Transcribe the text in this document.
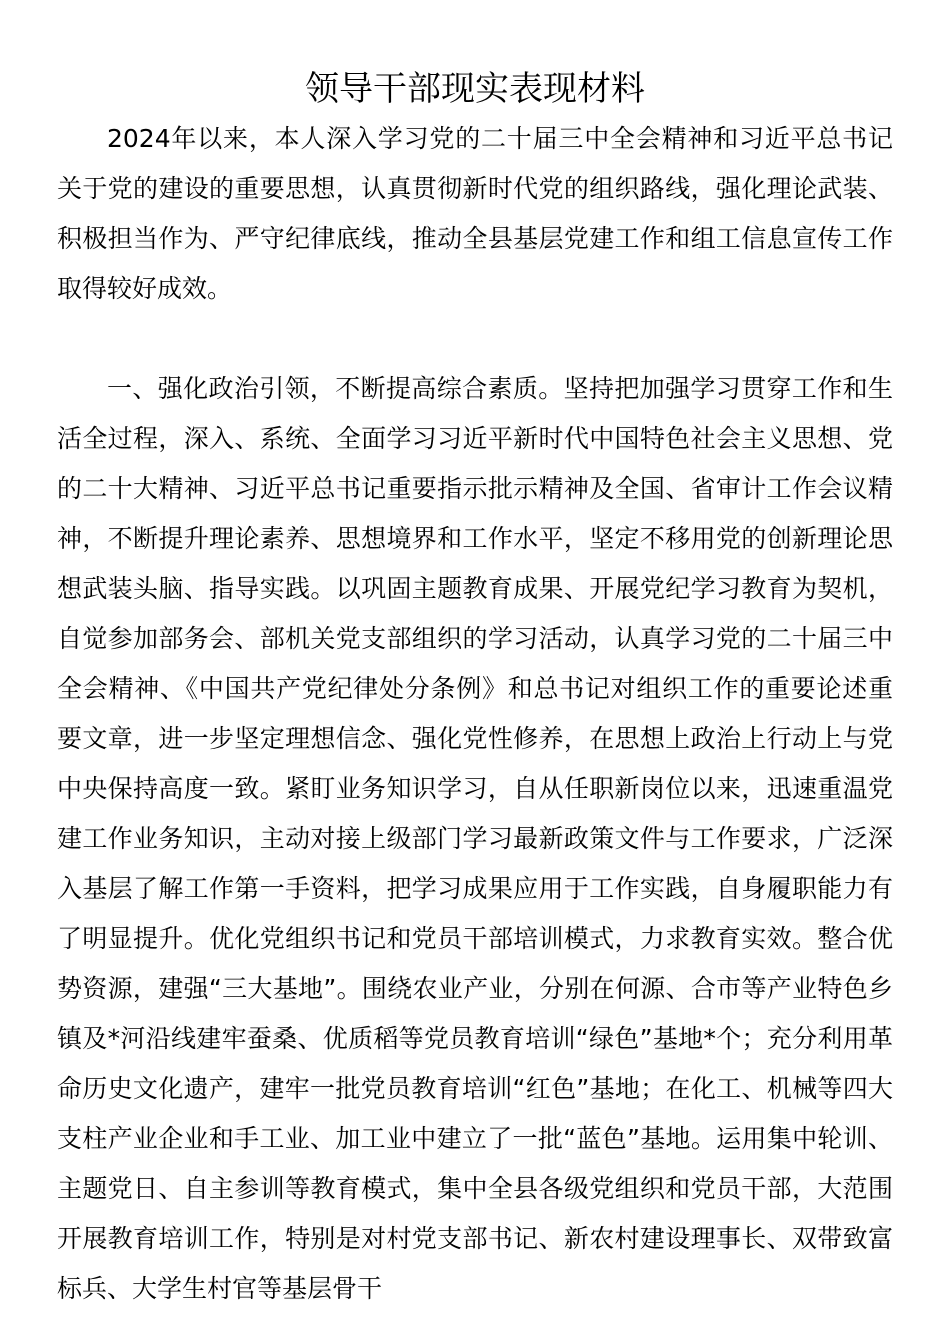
领导干部现实表现材料

2024年以来，本人深入学习党的二十届三中全会精神和习近平总书记关于党的建设的重要思想，认真贯彻新时代党的组织路线，强化理论武装、积极担当作为、严守纪律底线，推动全县基层党建工作和组工信息宣传工作取得较好成效。

一、强化政治引领，不断提高综合素质。坚持把加强学习贯穿工作和生活全过程，深入、系统、全面学习习近平新时代中国特色社会主义思想、党的二十大精神、习近平总书记重要指示批示精神及全国、省审计工作会议精神，不断提升理论素养、思想境界和工作水平，坚定不移用党的创新理论思想武装头脑、指导实践。以巩固主题教育成果、开展党纪学习教育为契机，自觉参加部务会、部机关党支部组织的学习活动，认真学习党的二十届三中全会精神、《中国共产党纪律处分条例》和总书记对组织工作的重要论述重要文章，进一步坚定理想信念、强化党性修养，在思想上政治上行动上与党中央保持高度一致。紧盯业务知识学习，自从任职新岗位以来，迅速重温党建工作业务知识，主动对接上级部门学习最新政策文件与工作要求，广泛深入基层了解工作第一手资料，把学习成果应用于工作实践，自身履职能力有了明显提升。优化党组织书记和党员干部培训模式，力求教育实效。整合优势资源，建强“三大基地”。围绕农业产业，分别在何源、合市等产业特色乡镇及*河沿线建牢蚕桑、优质稻等党员教育培训“绿色”基地*个；充分利用革命历史文化遗产，建牢一批党员教育培训“红色”基地；在化工、机械等四大支柱产业企业和手工业、加工业中建立了一批“蓝色”基地。运用集中轮训、主题党日、自主参训等教育模式，集中全县各级党组织和党员干部，大范围开展教育培训工作，特别是对村党支部书记、新农村建设理事长、双带致富标兵、大学生村官等基层骨干
